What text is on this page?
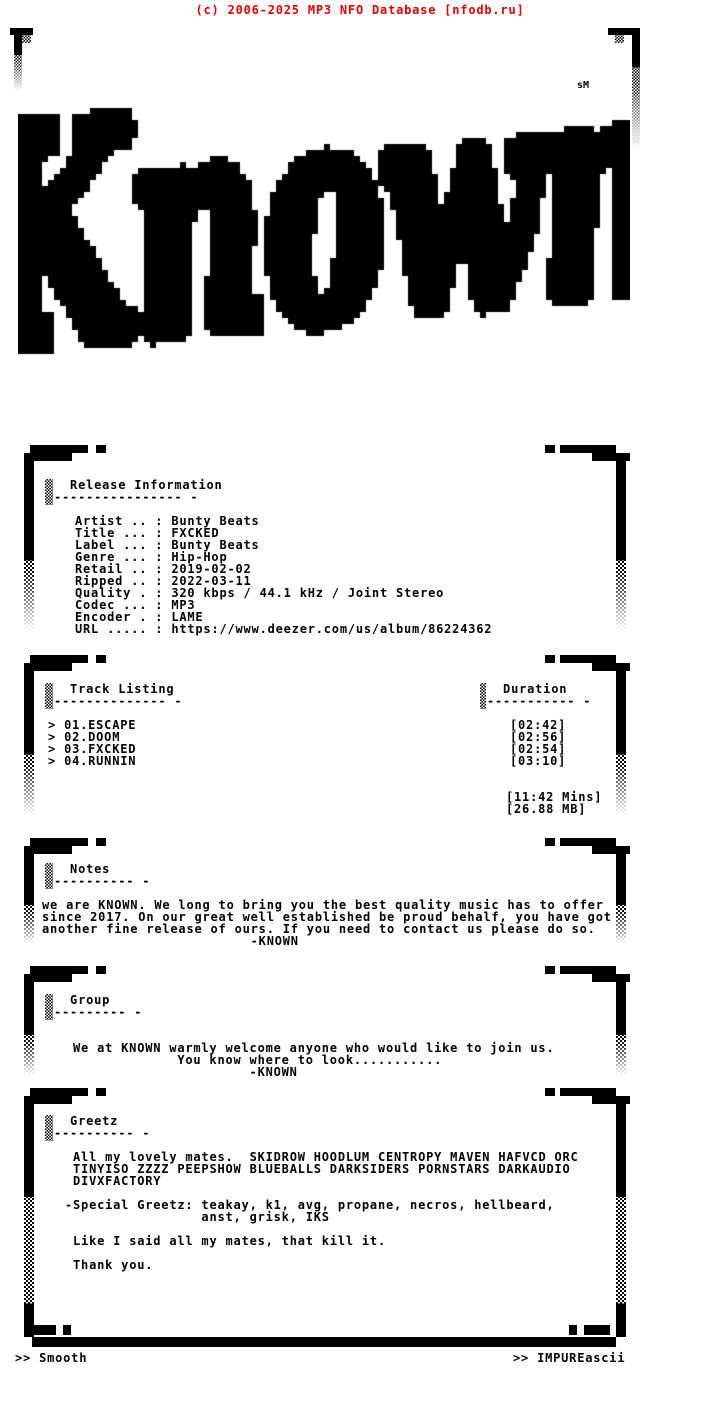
(c) 2006-2025 MP3 NFO Database [nfodb.ru]
sM
Release Information
---------------- -
Artist .. : Bunty Beats
Title ... : FXCKED
Label ... : Bunty Beats
Genre ... : Hip-Hop
Retail .. : 2019-02-02
Ripped .. : 2022-03-11
Quality . : 320 kbps / 44.1 kHz / Joint Stereo
Codec ... : MP3
Encoder . : LAME
URL ..... : https://www.deezer.com/us/album/86224362
Track Listing
-------------- -
Duration
----------- -
> 01.ESCAPE	[02:42]
> 02.DOOM	[02:56]
> 03.FXCKED	[02:54]
> 04.RUNNIN	[03:10]
[11:42 Mins]
[26.88 MB]
Notes
---------- -
we are KNOWN. We long to bring you the best quality music has to offer
since 2017. On our great well established be proud behalf, you have got
another fine release of ours. If you need to contact us please do so.
-KNOWN
Group
--------- -
We at KNOWN warmly welcome anyone who would like to join us.
You know where to look...........
-KNOWN
Greetz
---------- -
All my lovely mates.  SKIDROW HOODLUM CENTROPY MAVEN HAFVCD ORC
TINYISO ZZZZ PEEPSHOW BLUEBALLS DARKSIDERS PORNSTARS DARKAUDIO
DIVXFACTORY

-Special Greetz: teakay, k1, avg, propane, necros, hellbeard,
anst, grisk, IKS

Like I said all my mates, that kill it.

Thank you.
>> Smooth	>> IMPUREascii
